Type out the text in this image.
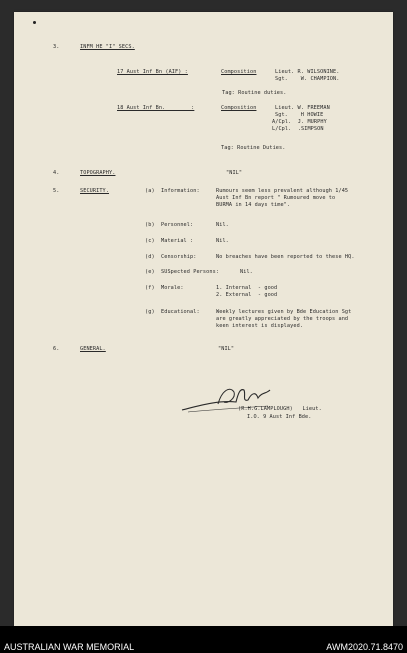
3.	INFM HE "I" SECS.
17 Aust Inf Bn (AIF) :	Composition	Lieut. R. WILSONINE.
Sgt.    W. CHAMPION.
Tag: Routine duties.
18 Aust Inf Bn.        :	Composition	Lieut. W. FREEMAN
Sgt.    H HOWIE
A/Cpl.  J. MURPHY
L/Cpl.  .SIMPSON
Tag: Routine Duties.
4.	TOPOGRAPHY.	"NIL"
5.	SECURITY.	(a) Information:	Rumours seem less prevalent although 1/45
Aust Inf Bn report " Rumoured move to
BURMA in 14 days time".
(b) Personnel:	Nil.
(c) Material :	Nil.
(d) Censorship:	No breaches have been reported to these HQ.
(e) SUSpected Persons:	Nil.
(f) Morale:	1. Internal  - good
2. External  - good
(g) Educational:	Weekly lectures given by Bde Education Sgt
are greatly appreciated by the troops and
keen interest is displayed.
6.	GENERAL.	"NIL"
(R.H.G.LAMPLOUGH)   Lieut.
I.O. 9 Aust Inf Bde.
AUSTRALIAN WAR MEMORIAL	AWM2020.71.8470
